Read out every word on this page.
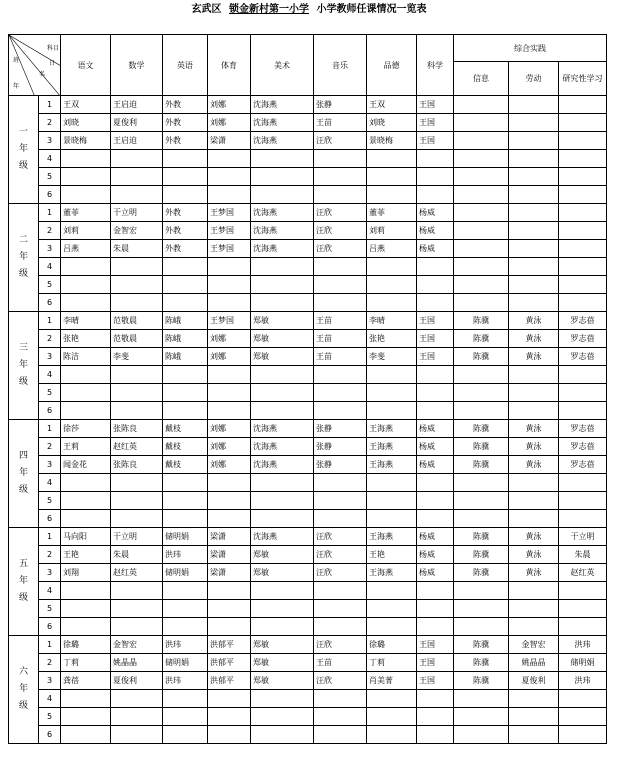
玄武区 锁金新村第一小学 小学教师任课情况一览表
科目
日
名
班
年		语文	数学	英语	体育	美术	音乐	品德	科学	综合实践		
										信息	劳动	研究性学习

一
年
级	1	王双	王启迫	外教	刘娜	沈海燕	张静	王双	王国			
	2	刘晓	夏俊利	外教	刘娜	沈海燕	王苗	刘晓	王国			
	3	景晓梅	王启迫	外教	梁潇	沈海燕	汪欣	景晓梅	王国			
	4											
	5											
	6											

二
年
级	1	董菲	干立明	外教	王梦国	沈海燕	汪欣	董菲	杨威			
	2	刘莉	金智宏	外教	王梦国	沈海燕	汪欣	刘莉	杨威			
	3	吕燕	朱晨	外教	王梦国	沈海燕	汪欣	吕燕	杨威			
	4											
	5											
	6											

三
年
级	1	李晴	范敬晨	陈峨	王梦国	郑敏	王苗	李晴	王国	陈骥	黄泳	罗志蓓
	2	张艳	范敬晨	陈峨	刘娜	郑敏	王苗	张艳	王国	陈骥	黄泳	罗志蓓
	3	陈洁	李斐	陈峨	刘娜	郑敏	王苗	李斐	王国	陈骥	黄泳	罗志蓓
	4											
	5											
	6											

四
年
级	1	徐莎	张陈良	戴枝	刘娜	沈海燕	张静	王海燕	杨威	陈骥	黄泳	罗志蓓
	2	王莉	赵红英	戴枝	刘娜	沈海燕	张静	王海燕	杨威	陈骥	黄泳	罗志蓓
	3	闻金花	张陈良	戴枝	刘娜	沈海燕	张静	王海燕	杨威	陈骥	黄泳	罗志蓓
	4											
	5											
	6											

五
年
级	1	马向阳	干立明	储明娟	梁潇	沈海燕	汪欣	王海燕	杨威	陈骥	黄泳	干立明
	2	王艳	朱晨	洪玮	梁潇	郑敏	汪欣	王艳	杨威	陈骥	黄泳	朱晨
	3	刘翔	赵红英	储明娟	梁潇	郑敏	汪欣	王海燕	杨威	陈骥	黄泳	赵红英
	4											
	5											
	6											

六
年
级	1	徐璐	金智宏	洪玮	洪郁平	郑敏	汪欣	徐璐	王国	陈骥	金智宏	洪玮
	2	丁莉	姚晶晶	储明娟	洪郁平	郑敏	王苗	丁莉	王国	陈骥	姚晶晶	储明娟
	3	龚蓓	夏俊利	洪玮	洪郁平	郑敏	汪欣	肖美菁	王国	陈骥	夏俊利	洪玮
	4											
	5											
	6											
